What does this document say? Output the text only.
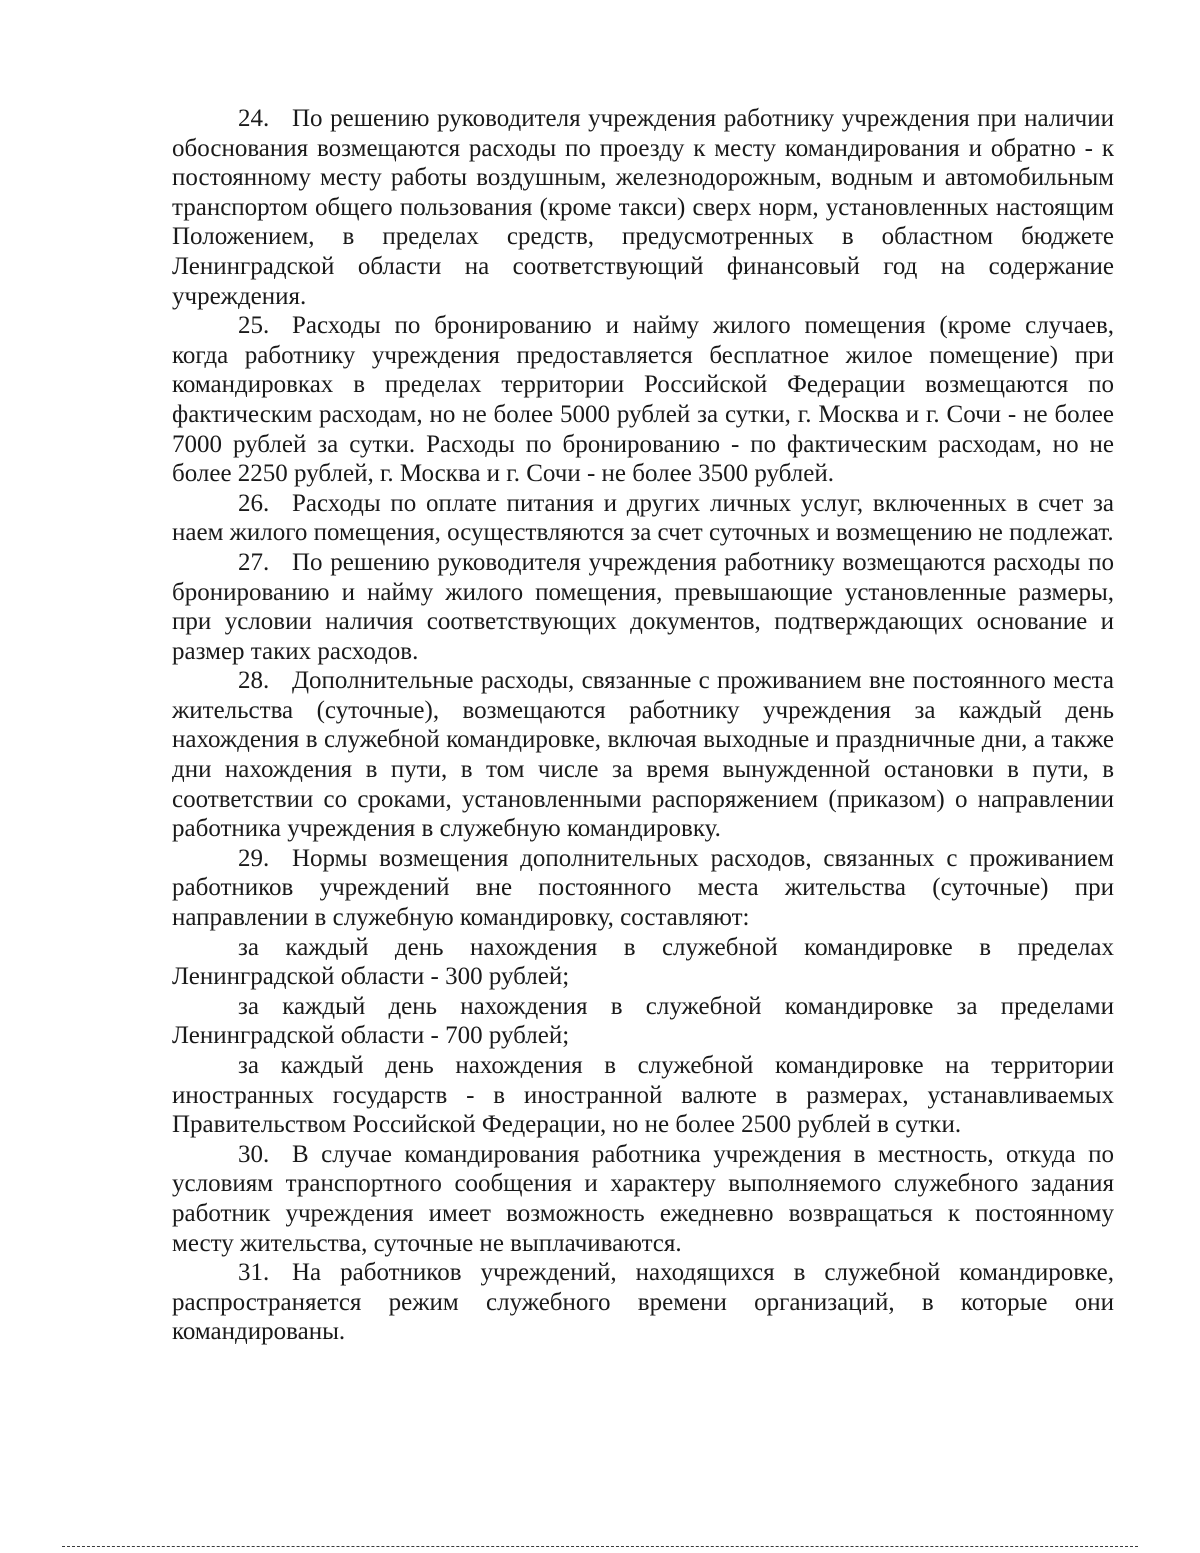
24. По решению руководителя учреждения работнику учреждения при наличии обоснования возмещаются расходы по проезду к месту командирования и обратно - к постоянному месту работы воздушным, железнодорожным, водным и автомобильным транспортом общего пользования (кроме такси) сверх норм, установленных настоящим Положением, в пределах средств, предусмотренных в областном бюджете Ленинградской области на соответствующий финансовый год на содержание учреждения.

25. Расходы по бронированию и найму жилого помещения (кроме случаев, когда работнику учреждения предоставляется бесплатное жилое помещение) при командировках в пределах территории Российской Федерации возмещаются по фактическим расходам, но не более 5000 рублей за сутки, г. Москва и г. Сочи - не более 7000 рублей за сутки. Расходы по бронированию - по фактическим расходам, но не более 2250 рублей, г. Москва и г. Сочи - не более 3500 рублей.

26. Расходы по оплате питания и других личных услуг, включенных в счет за наем жилого помещения, осуществляются за счет суточных и возмещению не подлежат.

27. По решению руководителя учреждения работнику возмещаются расходы по бронированию и найму жилого помещения, превышающие установленные размеры, при условии наличия соответствующих документов, подтверждающих основание и размер таких расходов.

28. Дополнительные расходы, связанные с проживанием вне постоянного места жительства (суточные), возмещаются работнику учреждения за каждый день нахождения в служебной командировке, включая выходные и праздничные дни, а также дни нахождения в пути, в том числе за время вынужденной остановки в пути, в соответствии со сроками, установленными распоряжением (приказом) о направлении работника учреждения в служебную командировку.

29. Нормы возмещения дополнительных расходов, связанных с проживанием работников учреждений вне постоянного места жительства (суточные) при направлении в служебную командировку, составляют:

за каждый день нахождения в служебной командировке в пределах Ленинградской области - 300 рублей;

за каждый день нахождения в служебной командировке за пределами Ленинградской области - 700 рублей;

за каждый день нахождения в служебной командировке на территории иностранных государств - в иностранной валюте в размерах, устанавливаемых Правительством Российской Федерации, но не более 2500 рублей в сутки.

30. В случае командирования работника учреждения в местность, откуда по условиям транспортного сообщения и характеру выполняемого служебного задания работник учреждения имеет возможность ежедневно возвращаться к постоянному месту жительства, суточные не выплачиваются.

31. На работников учреждений, находящихся в служебной командировке, распространяется режим служебного времени организаций, в которые они командированы.
